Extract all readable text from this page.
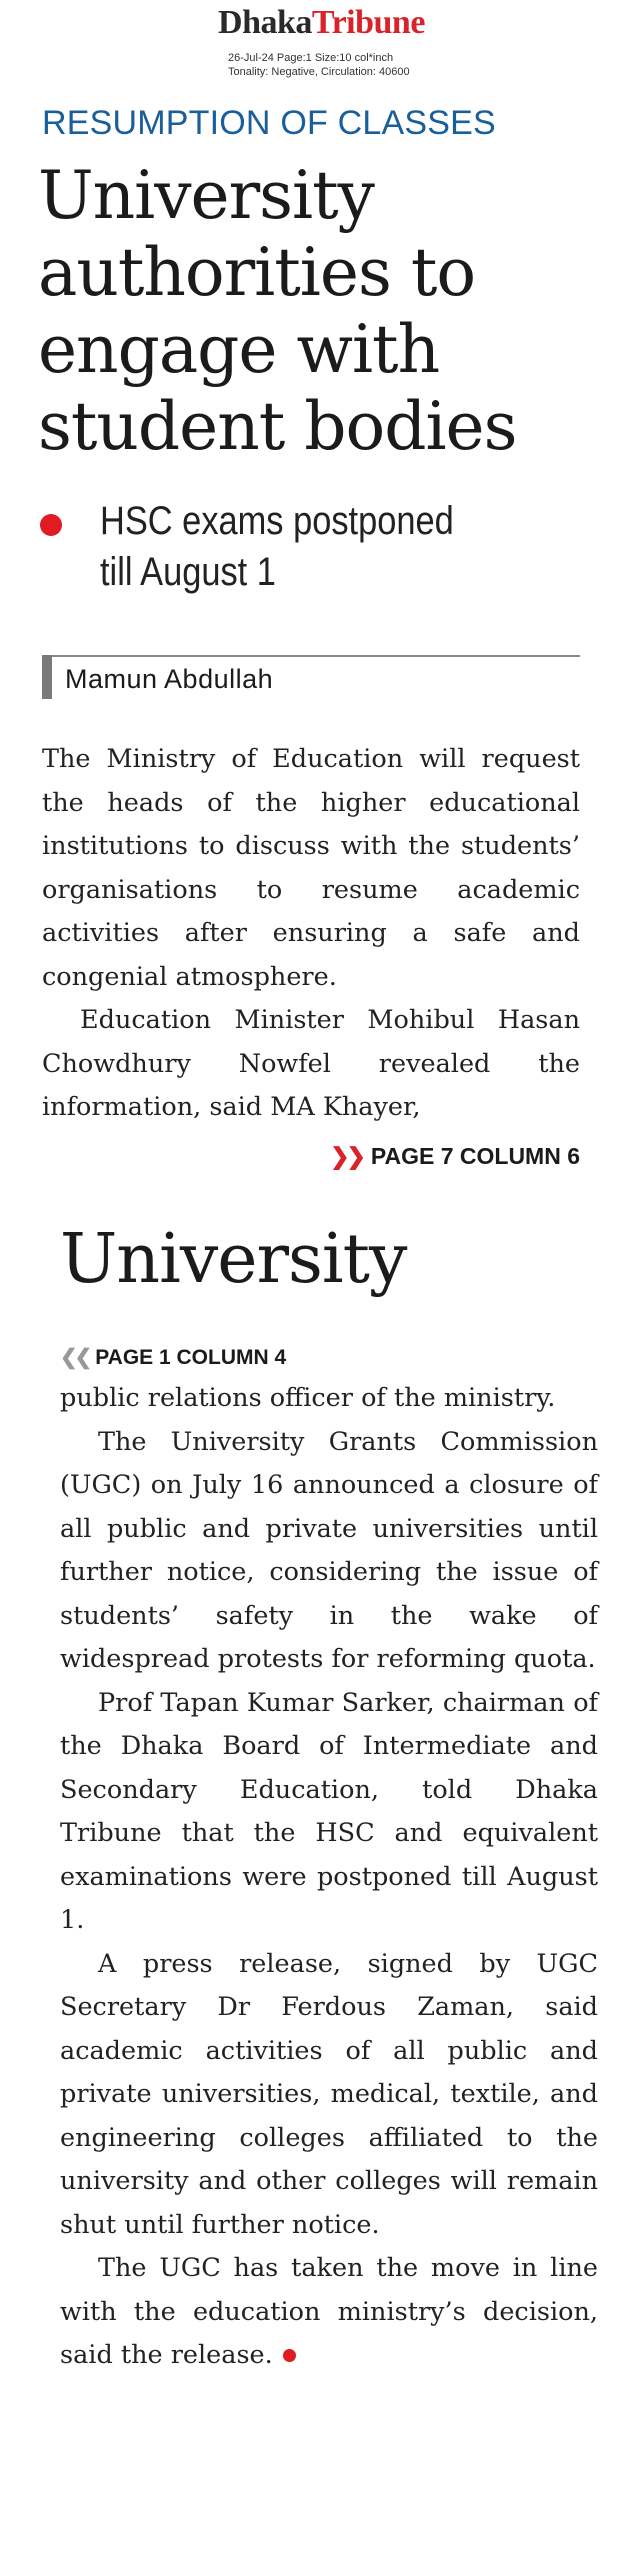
DhakaTribune
26-Jul-24 Page:1 Size:10 col*inch
Tonality: Negative, Circulation: 40600
RESUMPTION OF CLASSES
University authorities to engage with student bodies
HSC exams postponed till August 1
Mamun Abdullah

The Ministry of Education will request the heads of the higher educational institutions to discuss with the students’ organisations to resume academic activities after ensuring a safe and congenial atmosphere.

Education Minister Mohibul Hasan Chowdhury Nowfel revealed the information, said MA Khayer,

❯❯ PAGE 7 COLUMN 6
University
❮❮ PAGE 1 COLUMN 4

public relations officer of the ministry.

The University Grants Commission (UGC) on July 16 announced a closure of all public and private universities until further notice, considering the issue of students’ safety in the wake of widespread protests for reforming quota.

Prof Tapan Kumar Sarker, chairman of the Dhaka Board of Intermediate and Secondary Education, told Dhaka Tribune that the HSC and equivalent examinations were postponed till August 1.

A press release, signed by UGC Secretary Dr Ferdous Zaman, said academic activities of all public and private universities, medical, textile, and engineering colleges affiliated to the university and other colleges will remain shut until further notice.

The UGC has taken the move in line with the education ministry’s decision, said the release.
